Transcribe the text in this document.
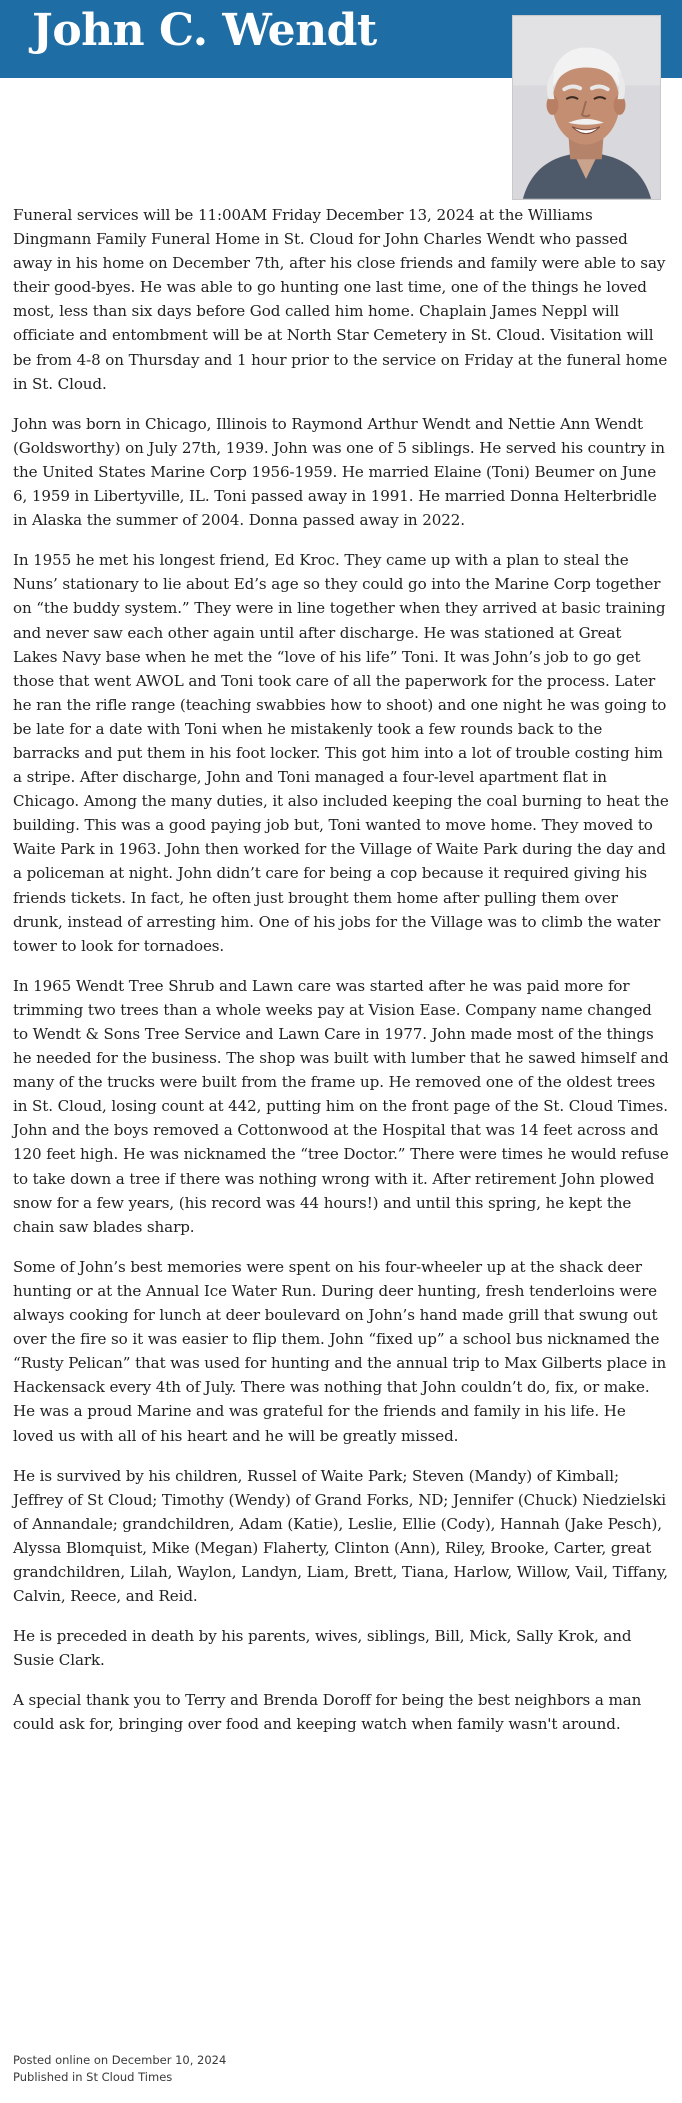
John C. Wendt

Funeral services will be 11:00AM Friday December 13, 2024 at the Williams Dingmann Family Funeral Home in St. Cloud for John Charles Wendt who passed away in his home on December 7th, after his close friends and family were able to say their good-byes. He was able to go hunting one last time, one of the things he loved most, less than six days before God called him home. Chaplain James Neppl will officiate and entombment will be at North Star Cemetery in St. Cloud. Visitation will be from 4-8 on Thursday and 1 hour prior to the service on Friday at the funeral home in St. Cloud.

John was born in Chicago, Illinois to Raymond Arthur Wendt and Nettie Ann Wendt (Goldsworthy) on July 27th, 1939. John was one of 5 siblings. He served his country in the United States Marine Corp 1956-1959. He married Elaine (Toni) Beumer on June 6, 1959 in Libertyville, IL. Toni passed away in 1991. He married Donna Helterbridle in Alaska the summer of 2004. Donna passed away in 2022.

In 1955 he met his longest friend, Ed Kroc. They came up with a plan to steal the Nuns’ stationary to lie about Ed’s age so they could go into the Marine Corp together on “the buddy system.” They were in line together when they arrived at basic training and never saw each other again until after discharge. He was stationed at Great Lakes Navy base when he met the “love of his life” Toni. It was John’s job to go get those that went AWOL and Toni took care of all the paperwork for the process. Later he ran the rifle range (teaching swabbies how to shoot) and one night he was going to be late for a date with Toni when he mistakenly took a few rounds back to the barracks and put them in his foot locker. This got him into a lot of trouble costing him a stripe. After discharge, John and Toni managed a four-level apartment flat in Chicago. Among the many duties, it also included keeping the coal burning to heat the building. This was a good paying job but, Toni wanted to move home. They moved to Waite Park in 1963. John then worked for the Village of Waite Park during the day and a policeman at night. John didn’t care for being a cop because it required giving his friends tickets. In fact, he often just brought them home after pulling them over drunk, instead of arresting him. One of his jobs for the Village was to climb the water tower to look for tornadoes.

In 1965 Wendt Tree Shrub and Lawn care was started after he was paid more for trimming two trees than a whole weeks pay at Vision Ease. Company name changed to Wendt & Sons Tree Service and Lawn Care in 1977. John made most of the things he needed for the business. The shop was built with lumber that he sawed himself and many of the trucks were built from the frame up. He removed one of the oldest trees in St. Cloud, losing count at 442, putting him on the front page of the St. Cloud Times. John and the boys removed a Cottonwood at the Hospital that was 14 feet across and 120 feet high. He was nicknamed the “tree Doctor.” There were times he would refuse to take down a tree if there was nothing wrong with it. After retirement John plowed snow for a few years, (his record was 44 hours!) and until this spring, he kept the chain saw blades sharp.

Some of John’s best memories were spent on his four-wheeler up at the shack deer hunting or at the Annual Ice Water Run. During deer hunting, fresh tenderloins were always cooking for lunch at deer boulevard on John’s hand made grill that swung out over the fire so it was easier to flip them. John “fixed up” a school bus nicknamed the “Rusty Pelican” that was used for hunting and the annual trip to Max Gilberts place in Hackensack every 4th of July. There was nothing that John couldn’t do, fix, or make. He was a proud Marine and was grateful for the friends and family in his life. He loved us with all of his heart and he will be greatly missed.

He is survived by his children, Russel of Waite Park; Steven (Mandy) of Kimball; Jeffrey of St Cloud; Timothy (Wendy) of Grand Forks, ND; Jennifer (Chuck) Niedzielski of Annandale; grandchildren, Adam (Katie), Leslie, Ellie (Cody), Hannah (Jake Pesch), Alyssa Blomquist, Mike (Megan) Flaherty, Clinton (Ann), Riley, Brooke, Carter, great grandchildren, Lilah, Waylon, Landyn, Liam, Brett, Tiana, Harlow, Willow, Vail, Tiffany, Calvin, Reece, and Reid.

He is preceded in death by his parents, wives, siblings, Bill, Mick, Sally Krok, and Susie Clark.

A special thank you to Terry and Brenda Doroff for being the best neighbors a man could ask for, bringing over food and keeping watch when family wasn't around.

Posted online on December 10, 2024
Published in St Cloud Times
